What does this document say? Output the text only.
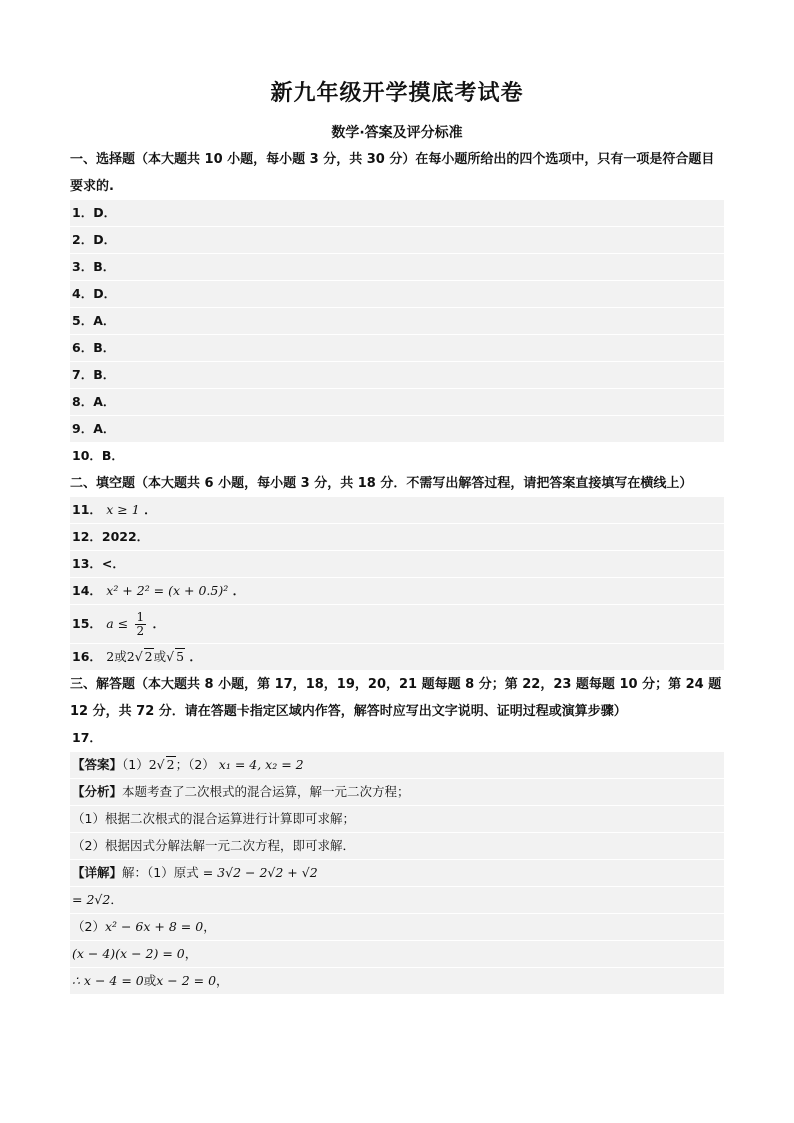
新九年级开学摸底考试卷
数学·答案及评分标准

一、选择题（本大题共 10 小题，每小题 3 分，共 30 分）在每小题所给出的四个选项中，只有一项是符合题目要求的.

1．D．
2．D．
3．B．
4．D．
5．A．
6．B．
7．B．
8．A．
9．A．
10．B．

二、填空题（本大题共 6 小题，每小题 3 分，共 18 分．不需写出解答过程，请把答案直接填写在横线上）

11． x ≥ 1 ．
12．2022．
13．<．
14． x² + 2² = (x + 0.5)² ．
15． $a \le \frac{1}{2}$ ．
16． 2或2√ 2或√ 5 ．

三、解答题（本大题共 8 小题，第 17，18，19，20，21 题每题 8 分；第 22，23 题每题 10 分；第 24 题 12 分，共 72 分．请在答题卡指定区域内作答，解答时应写出文字说明、证明过程或演算步骤）

17．
【答案】（1）2√ 2；（2） x₁ = 4, x₂ = 2
【分析】本题考查了二次根式的混合运算，解一元二次方程；
（1）根据二次根式的混合运算进行计算即可求解；
（2）根据因式分解法解一元二次方程，即可求解．
【详解】解：（1）原式 = 3√2 − 2√2 + √2
= 2√2．
（2）x² − 6x + 8 = 0，
(x − 4)(x − 2) = 0，
∴ x − 4 = 0或x − 2 = 0，
